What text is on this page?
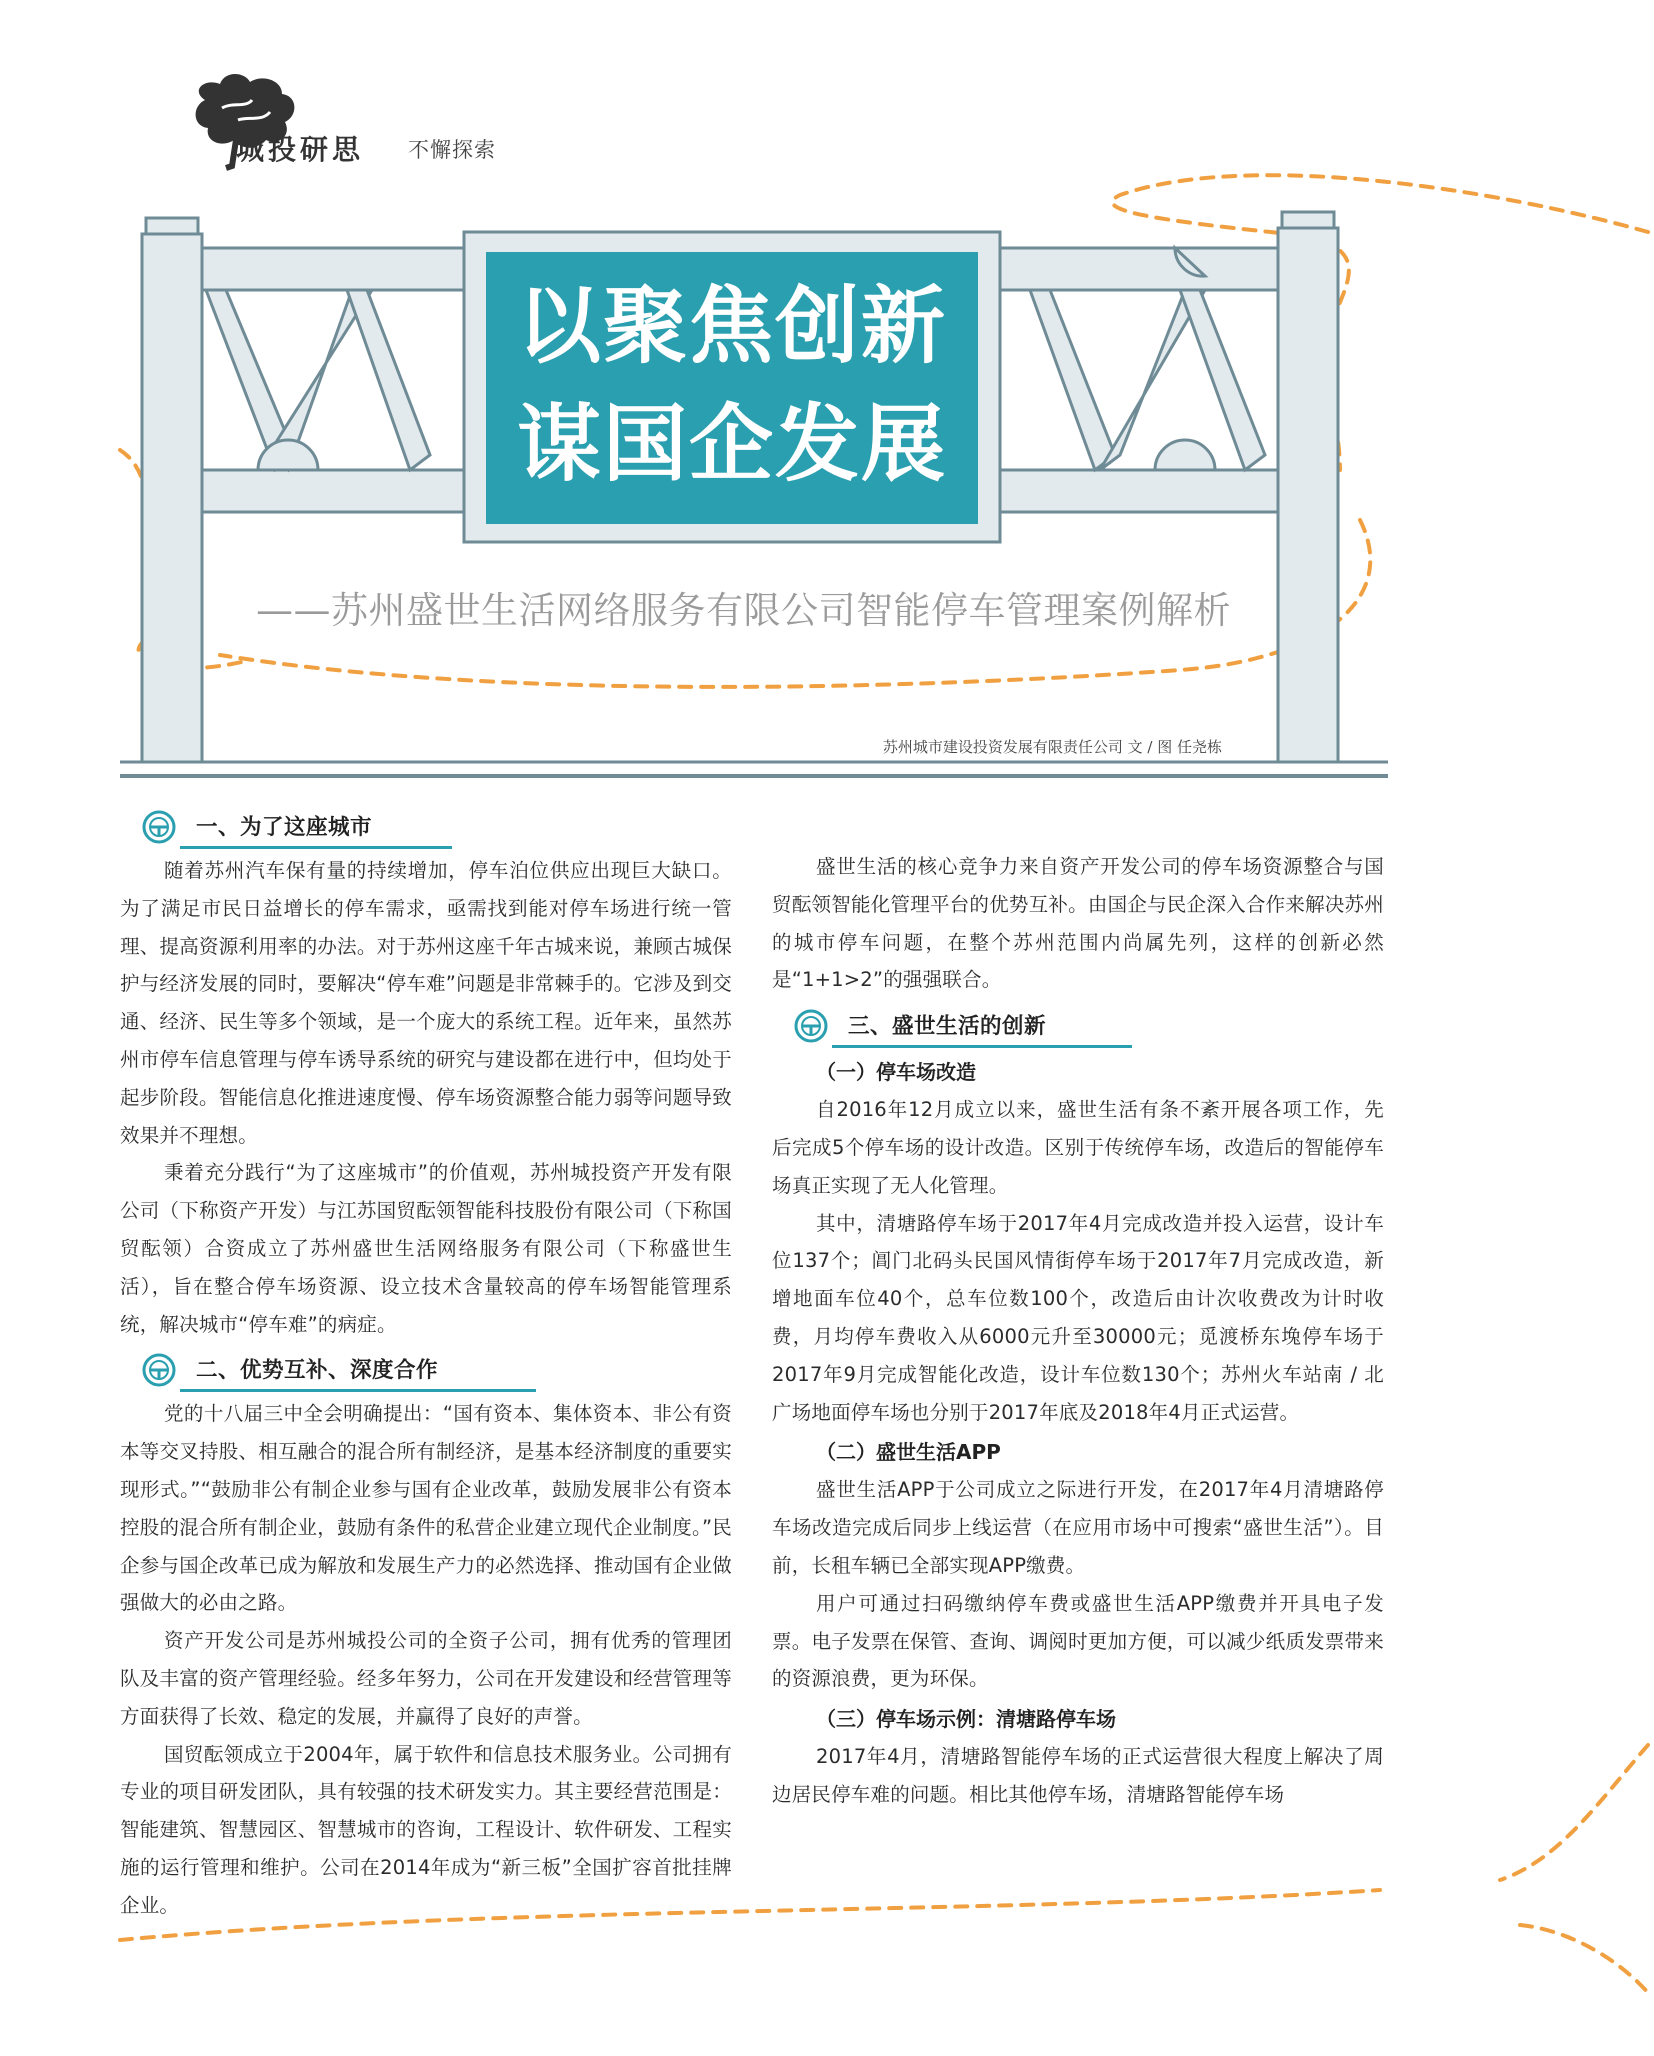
城投研思 不懈探索
以聚焦创新
谋国企发展
——苏州盛世生活网络服务有限公司智能停车管理案例解析
苏州城市建设投资发展有限责任公司 文 / 图 任尧栋
一、为了这座城市

随着苏州汽车保有量的持续增加，停车泊位供应出现巨大缺口。为了满足市民日益增长的停车需求，亟需找到能对停车场进行统一管理、提高资源利用率的办法。对于苏州这座千年古城来说，兼顾古城保护与经济发展的同时，要解决“停车难”问题是非常棘手的。它涉及到交通、经济、民生等多个领域，是一个庞大的系统工程。近年来，虽然苏州市停车信息管理与停车诱导系统的研究与建设都在进行中，但均处于起步阶段。智能信息化推进速度慢、停车场资源整合能力弱等问题导致效果并不理想。

秉着充分践行“为了这座城市”的价值观，苏州城投资产开发有限公司（下称资产开发）与江苏国贸酝领智能科技股份有限公司（下称国贸酝领）合资成立了苏州盛世生活网络服务有限公司（下称盛世生活），旨在整合停车场资源、设立技术含量较高的停车场智能管理系统，解决城市“停车难”的病症。

二、优势互补、深度合作

党的十八届三中全会明确提出：“国有资本、集体资本、非公有资本等交叉持股、相互融合的混合所有制经济，是基本经济制度的重要实现形式。”“鼓励非公有制企业参与国有企业改革，鼓励发展非公有资本控股的混合所有制企业，鼓励有条件的私营企业建立现代企业制度。”民企参与国企改革已成为解放和发展生产力的必然选择、推动国有企业做强做大的必由之路。

资产开发公司是苏州城投公司的全资子公司，拥有优秀的管理团队及丰富的资产管理经验。经多年努力，公司在开发建设和经营管理等方面获得了长效、稳定的发展，并赢得了良好的声誉。

国贸酝领成立于2004年，属于软件和信息技术服务业。公司拥有专业的项目研发团队，具有较强的技术研发实力。其主要经营范围是：智能建筑、智慧园区、智慧城市的咨询，工程设计、软件研发、工程实施的运行管理和维护。公司在2014年成为“新三板”全国扩容首批挂牌企业。

盛世生活的核心竞争力来自资产开发公司的停车场资源整合与国贸酝领智能化管理平台的优势互补。由国企与民企深入合作来解决苏州的城市停车问题，在整个苏州范围内尚属先列，这样的创新必然是“1+1>2”的强强联合。

三、盛世生活的创新
（一）停车场改造

自2016年12月成立以来，盛世生活有条不紊开展各项工作，先后完成5个停车场的设计改造。区别于传统停车场，改造后的智能停车场真正实现了无人化管理。

其中，清塘路停车场于2017年4月完成改造并投入运营，设计车位137个；阊门北码头民国风情街停车场于2017年7月完成改造，新增地面车位40个，总车位数100个，改造后由计次收费改为计时收费，月均停车费收入从6000元升至30000元；觅渡桥东堍停车场于2017年9月完成智能化改造，设计车位数130个；苏州火车站南 / 北广场地面停车场也分别于2017年底及2018年4月正式运营。

（二）盛世生活APP

盛世生活APP于公司成立之际进行开发，在2017年4月清塘路停车场改造完成后同步上线运营（在应用市场中可搜索“盛世生活”）。目前，长租车辆已全部实现APP缴费。

用户可通过扫码缴纳停车费或盛世生活APP缴费并开具电子发票。电子发票在保管、查询、调阅时更加方便，可以减少纸质发票带来的资源浪费，更为环保。

（三）停车场示例：清塘路停车场

2017年4月，清塘路智能停车场的正式运营很大程度上解决了周边居民停车难的问题。相比其他停车场，清塘路智能停车场
